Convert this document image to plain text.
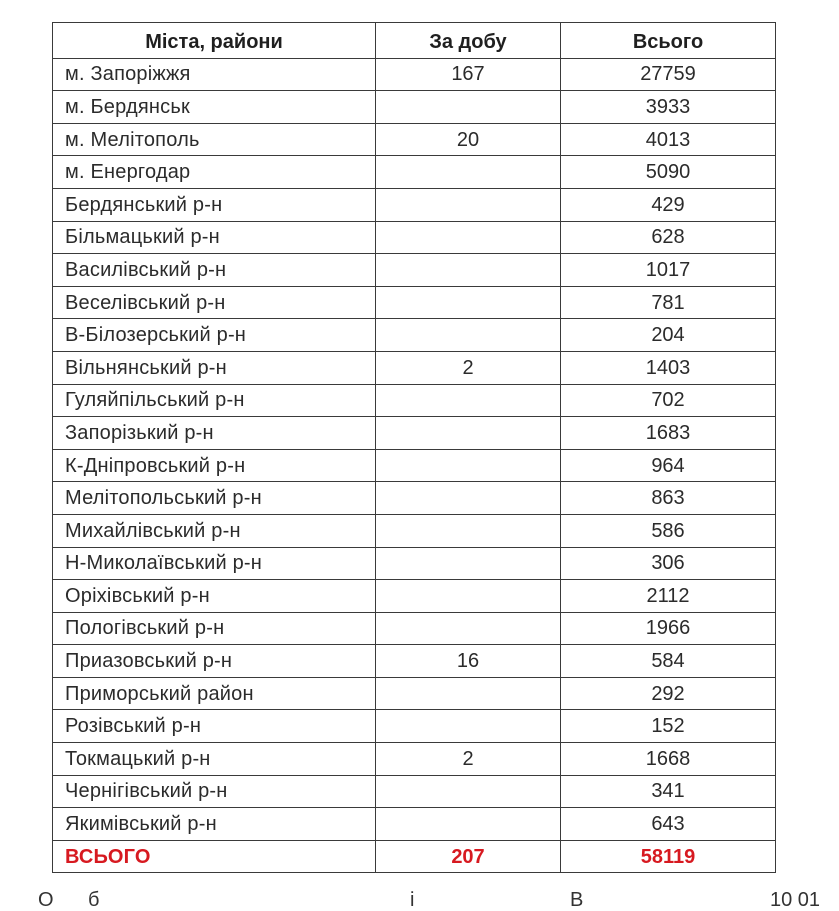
Міста, райони	За добу	Всього
м. Запоріжжя	167	27759
м. Бердянськ		3933
м. Мелітополь	20	4013
м. Енергодар		5090
Бердянський р-н		429
Більмацький р-н		628
Василівський р-н		1017
Веселівський р-н		781
В-Білозерський р-н		204
Вільнянський р-н	2	1403
Гуляйпільський р-н		702
Запорізький р-н		1683
К-Дніпровський р-н		964
Мелітопольський р-н		863
Михайлівський р-н		586
Н-Миколаївський р-н		306
Оріхівський р-н		2112
Пологівський р-н		1966
Приазовський р-н	16	584
Приморський район		292
Розівський р-н		152
Токмацький р-н	2	1668
Чернігівський р-н		341
Якимівський р-н		643
ВСЬОГО	207	58119
О б	і	В	10 01
